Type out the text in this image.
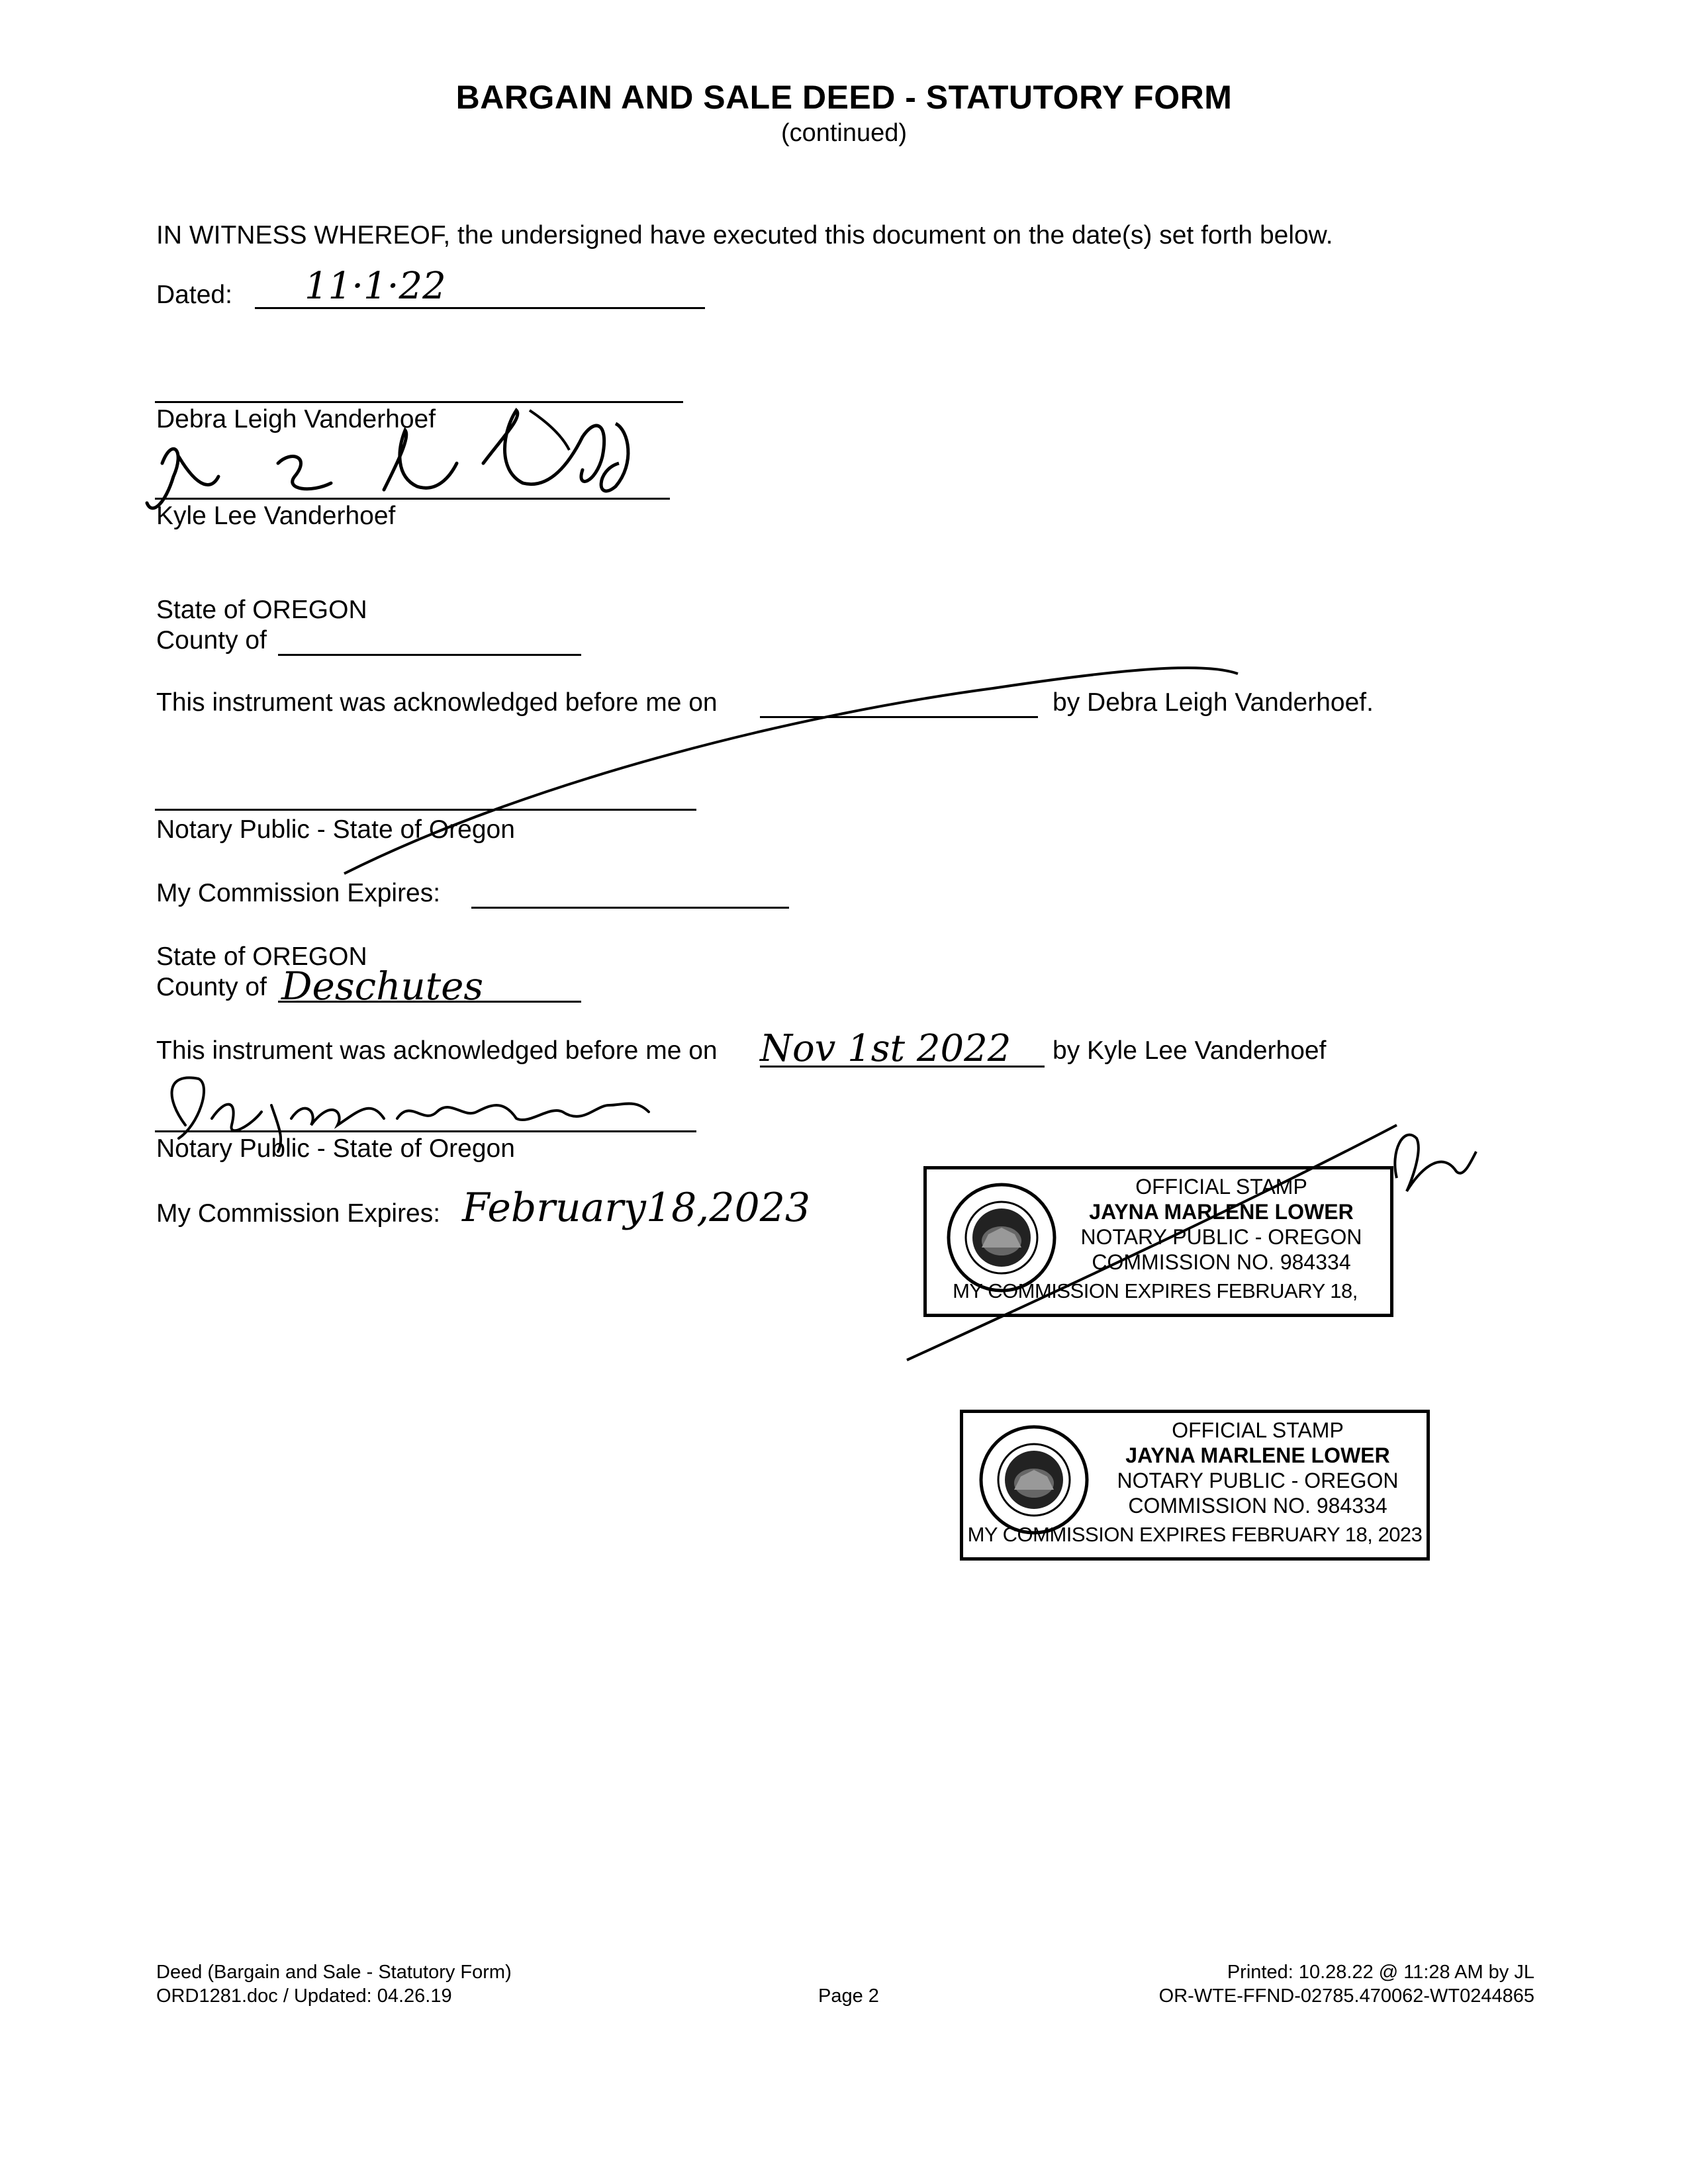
BARGAIN AND SALE DEED - STATUTORY FORM
(continued)
IN WITNESS WHEREOF, the undersigned have executed this document on the date(s) set forth below.
Dated: 11·1·22
Debra Leigh Vanderhoef
Kyle Lee Vanderhoef
State of OREGON
County of
This instrument was acknowledged before me on	by Debra Leigh Vanderhoef.
Notary Public - State of Oregon
My Commission Expires:
State of OREGON
County of Deschutes
This instrument was acknowledged before me on Nov 1st 2022 by Kyle Lee Vanderhoef
Notary Public - State of Oregon
My Commission Expires: February18,2023	OFFICIAL STAMP
JAYNA MARLENE LOWER
NOTARY PUBLIC - OREGON
COMMISSION NO. 984334
MY COMMISSION EXPIRES FEBRUARY 18,
OFFICIAL STAMP
JAYNA MARLENE LOWER
NOTARY PUBLIC - OREGON
COMMISSION NO. 984334
MY COMMISSION EXPIRES FEBRUARY 18, 2023
Deed (Bargain and Sale - Statutory Form)
ORD1281.doc / Updated: 04.26.19	Page 2
Printed: 10.28.22 @ 11:28 AM by JL
OR-WTE-FFND-02785.470062-WT0244865
